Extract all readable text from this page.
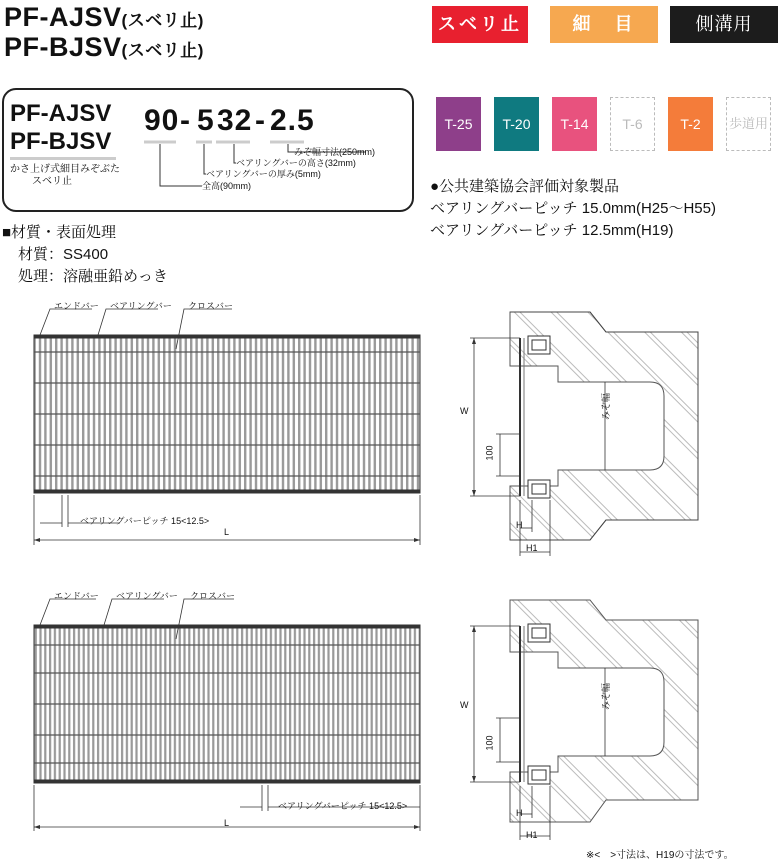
PF-AJSV(スベリ止)
PF-BJSV(スベリ止)
スベリ止	細　目	側溝用
PF-AJSV
PF-BJSV
かさ上げ式細目みぞぶた
スベリ止
90 - 5 32 - 2.5
みぞ幅寸法(250mm)
ベアリングバーの高さ(32mm)
ベアリングバーの厚み(5mm)
全高(90mm)
T-25	T-20	T-14	T-6	T-2	歩道用
●公共建築協会評価対象製品
ベアリングバーピッチ 15.0mm(H25～H55)
ベアリングバーピッチ 12.5mm(H19)
■材質・表面処理
材質：SS400
処理：溶融亜鉛めっき
エンドバー ベアリングバー クロスバー
ベアリングバーピッチ 15<12.5>
L
W
100
みぞ幅
H
H1
エンドバー ベアリングバー クロスバー
ベアリングバーピッチ 15<12.5>
L
W
100
みぞ幅
H
H1
※<　>寸法は、H19の寸法です。
